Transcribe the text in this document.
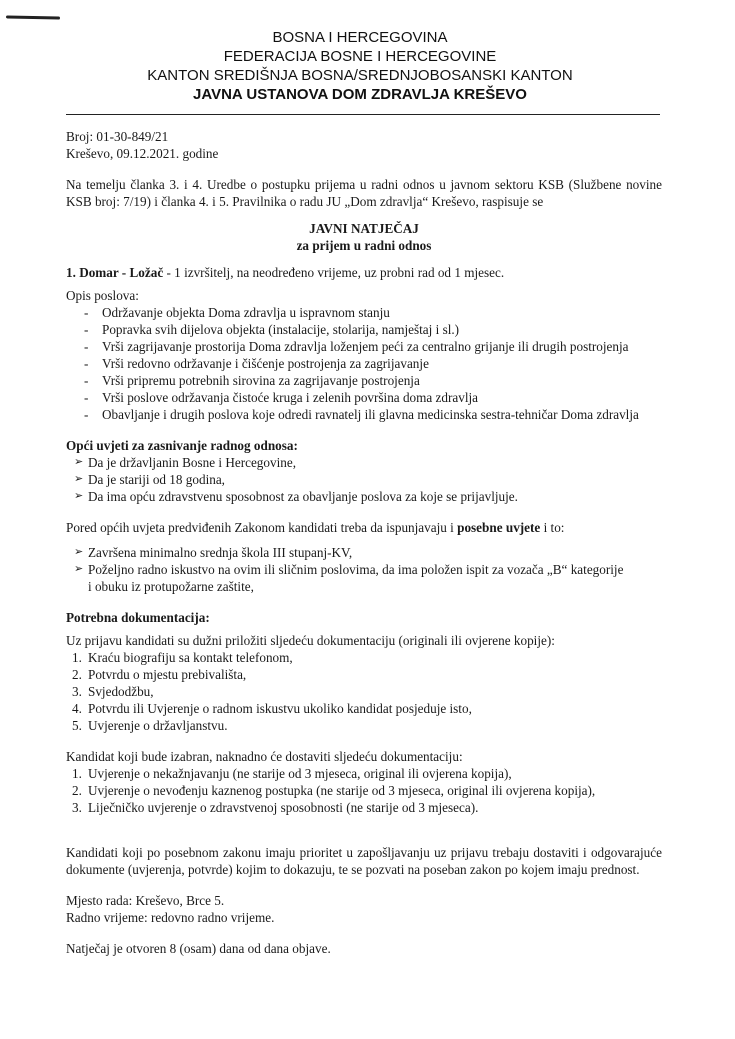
BOSNA I HERCEGOVINA
FEDERACIJA BOSNE I HERCEGOVINE
KANTON SREDIŠNJA BOSNA/SREDNJOBOSANSKI KANTON
JAVNA USTANOVA DOM ZDRAVLJA KREŠEVO

Broj: 01-30-849/21

Kreševo, 09.12.2021. godine

Na temelju članka 3. i 4. Uredbe o postupku prijema u radni odnos u javnom sektoru KSB (Službene novine KSB broj: 7/19) i članka 4. i 5. Pravilnika o radu JU „Dom zdravlja“ Kreševo, raspisuje se

JAVNI NATJEČAJ

za prijem u radni odnos

1. Domar - Ložač - 1 izvršitelj, na neodređeno vrijeme, uz probni rad od 1 mjesec.

Opis poslova:

- Održavanje objekta Doma zdravlja u ispravnom stanju
- Popravka svih dijelova objekta (instalacije, stolarija, namještaj i sl.)
- Vrši zagrijavanje prostorija Doma zdravlja loženjem peći za centralno grijanje ili drugih postrojenja
- Vrši redovno održavanje i čišćenje postrojenja za zagrijavanje
- Vrši pripremu potrebnih sirovina za zagrijavanje postrojenja
- Vrši poslove održavanja čistoće kruga i zelenih površina doma zdravlja
- Obavljanje i drugih poslova koje odredi ravnatelj ili glavna medicinska sestra-tehničar Doma zdravlja

Opći uvjeti za zasnivanje radnog odnosa:

➢ Da je državljanin Bosne i Hercegovine,
➢ Da je stariji od 18 godina,
➢ Da ima opću zdravstvenu sposobnost za obavljanje poslova za koje se prijavljuje.

Pored općih uvjeta predviđenih Zakonom kandidati treba da ispunjavaju i posebne uvjete i to:

➢ Završena minimalno srednja škola III stupanj-KV,
➢ Poželjno radno iskustvo na ovim ili sličnim poslovima, da ima položen ispit za vozača „B“ kategorije

i obuku iz protupožarne zaštite,

Potrebna dokumentacija:

Uz prijavu kandidati su dužni priložiti sljedeću dokumentaciju (originali ili ovjerene kopije):

1. Kraću biografiju sa kontakt telefonom,
2. Potvrdu o mjestu prebivališta,
3. Svjedodžbu,
4. Potvrdu ili Uvjerenje o radnom iskustvu ukoliko kandidat posjeduje isto,
5. Uvjerenje o državljanstvu.

Kandidat koji bude izabran, naknadno će dostaviti sljedeću dokumentaciju:

1. Uvjerenje o nekažnjavanju (ne starije od 3 mjeseca, original ili ovjerena kopija),
2. Uvjerenje o nevođenju kaznenog postupka (ne starije od 3 mjeseca, original ili ovjerena kopija),
3. Liječničko uvjerenje o zdravstvenoj sposobnosti (ne starije od 3 mjeseca).

Kandidati koji po posebnom zakonu imaju prioritet u zapošljavanju uz prijavu trebaju dostaviti i odgovarajuće dokumente (uvjerenja, potvrde) kojim to dokazuju, te se pozvati na poseban zakon po kojem imaju prednost.

Mjesto rada: Kreševo, Brce 5.

Radno vrijeme: redovno radno vrijeme.

Natječaj je otvoren 8 (osam) dana od dana objave.
